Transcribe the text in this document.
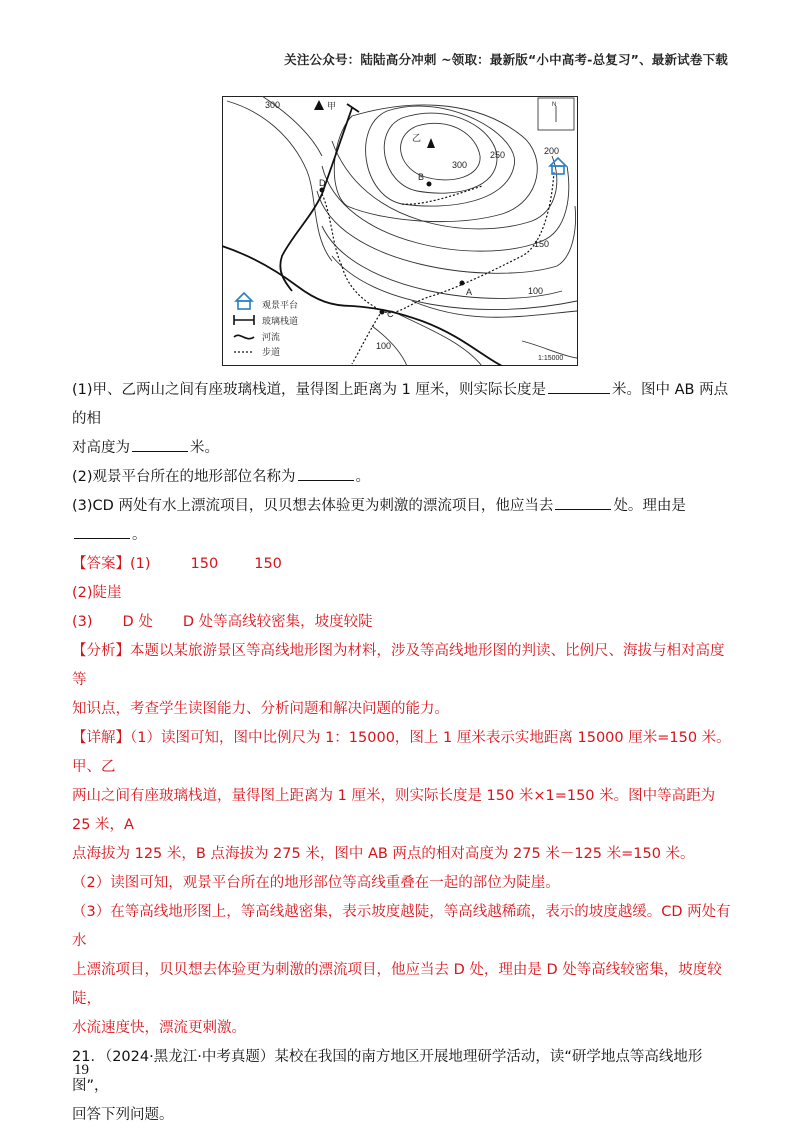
关注公众号：陆陆高分冲刺 ~领取：最新版“小中高考-总复习”、最新试卷下载
甲
乙
300
250
300
200
150
100
100
B
A
D
C
N
观景平台
玻璃栈道
河流
步道
1:15000

(1)甲、乙两山之间有座玻璃栈道，量得图上距离为 1 厘米，则实际长度是	米。图中 AB 两点的相

对高度为	米。

(2)观景平台所在的地形部位名称为	。

(3)CD 两处有水上漂流项目，贝贝想去体验更为刺激的漂流项目，他应当去	处。理由是。

【答案】(1)	150 150

(2)陡崖

(3) D 处 D 处等高线较密集，坡度较陡

【分析】本题以某旅游景区等高线地形图为材料，涉及等高线地形图的判读、比例尺、海拔与相对高度等

知识点，考查学生读图能力、分析问题和解决问题的能力。

【详解】（1）读图可知，图中比例尺为 1：15000，图上 1 厘米表示实地距离 15000 厘米=150 米。甲、乙

两山之间有座玻璃栈道，量得图上距离为 1 厘米，则实际长度是 150 米×1=150 米。图中等高距为 25 米，A

点海拔为 125 米，B 点海拔为 275 米，图中 AB 两点的相对高度为 275 米－125 米=150 米。

（2）读图可知，观景平台所在的地形部位等高线重叠在一起的部位为陡崖。

（3）在等高线地形图上，等高线越密集，表示坡度越陡，等高线越稀疏，表示的坡度越缓。CD 两处有水

上漂流项目，贝贝想去体验更为刺激的漂流项目，他应当去 D 处，理由是 D 处等高线较密集，坡度较陡，

水流速度快，漂流更刺激。

21．（2024·黑龙江·中考真题）某校在我国的南方地区开展地理研学活动，读“研学地点等高线地形图”，

回答下列问题。

19
